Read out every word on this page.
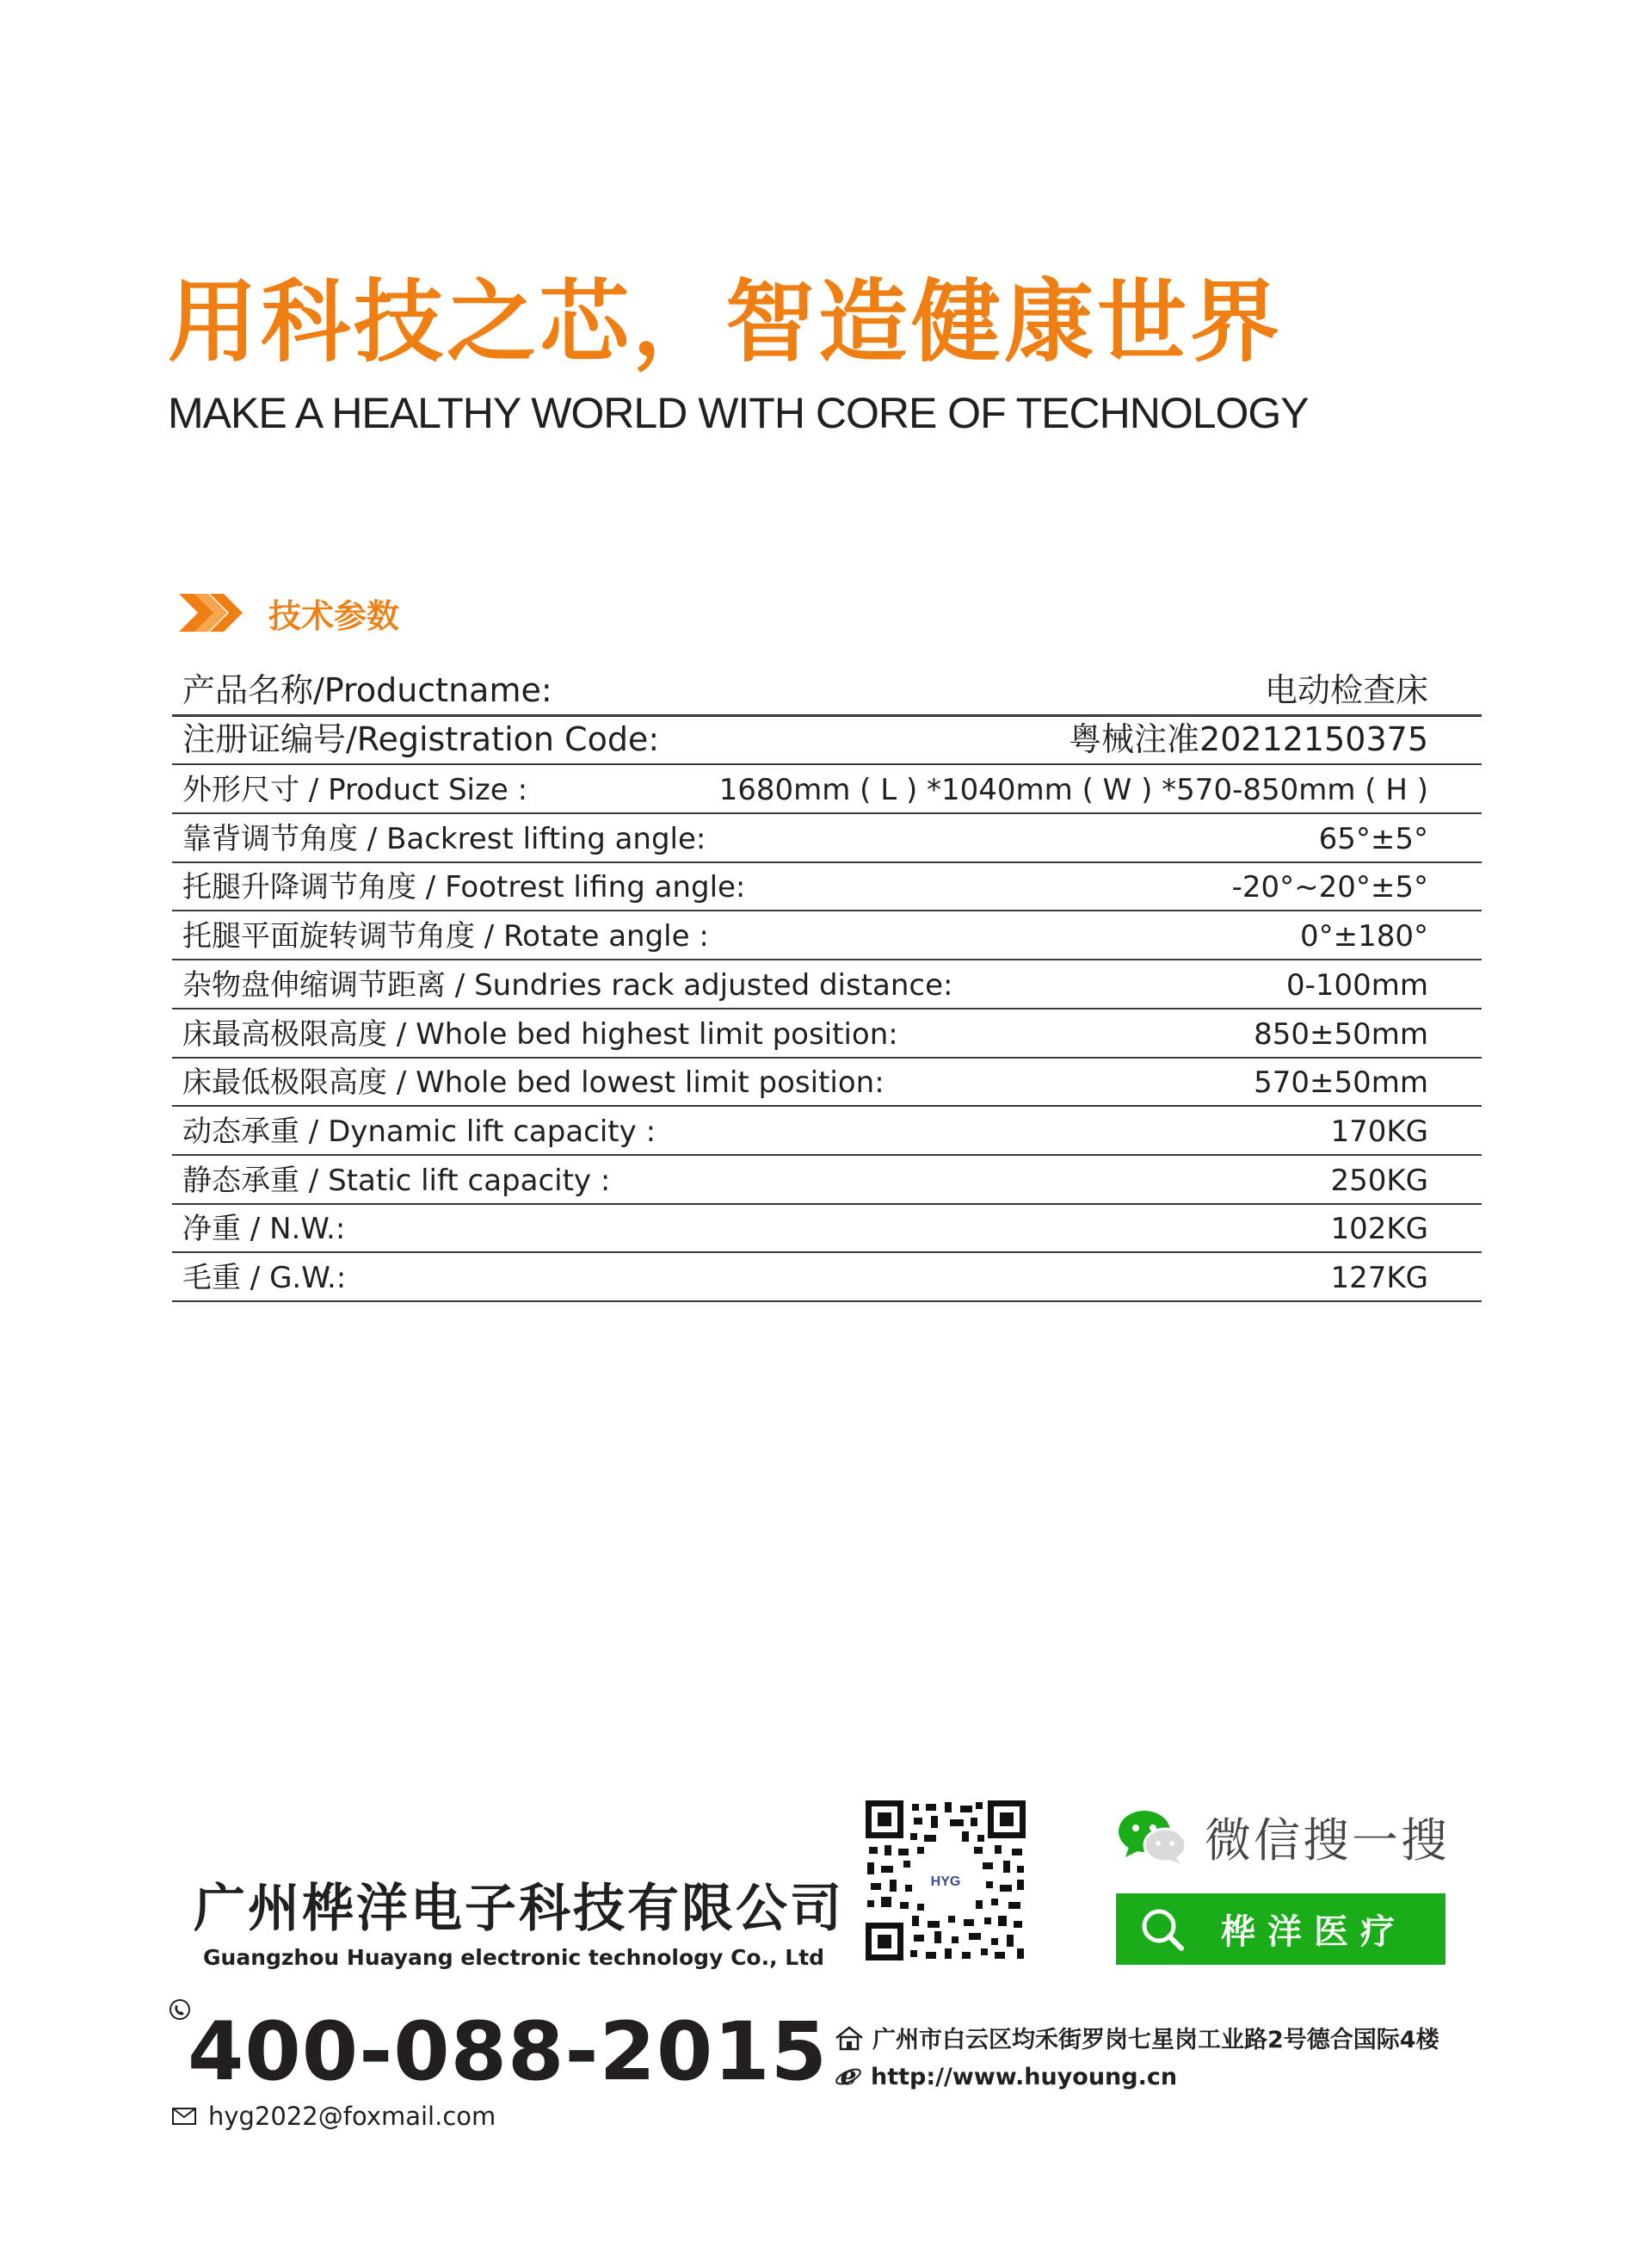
用科技之芯，智造健康世界
MAKE A HEALTHY WORLD WITH CORE OF TECHNOLOGY
技术参数
产品名称/Productname:	电动检查床
注册证编号/Registration Code:	粤械注准20212150375
外形尺寸 / Product Size :	1680mm ( L ) *1040mm ( W ) *570-850mm ( H )
靠背调节角度 / Backrest lifting angle:	65°±5°
托腿升降调节角度 / Footrest lifing angle:	-20°~20°±5°
托腿平面旋转调节角度 / Rotate angle :	0°±180°
杂物盘伸缩调节距离 / Sundries rack adjusted distance:	0-100mm
床最高极限高度 / Whole bed highest limit position:	850±50mm
床最低极限高度 / Whole bed lowest limit position:	570±50mm
动态承重 / Dynamic lift capacity :	170KG
静态承重 / Static lift capacity :	250KG
净重 / N.W.:	102KG
毛重 / G.W.:	127KG
广州桦洋电子科技有限公司
Guangzhou Huayang electronic technology Co., Ltd
400-088-2015
hyg2022@foxmail.com
HYG
微信搜一搜
桦洋医疗
广州市白云区均禾街罗岗七星岗工业路2号德合国际4楼
e http://www.huyoung.cn
